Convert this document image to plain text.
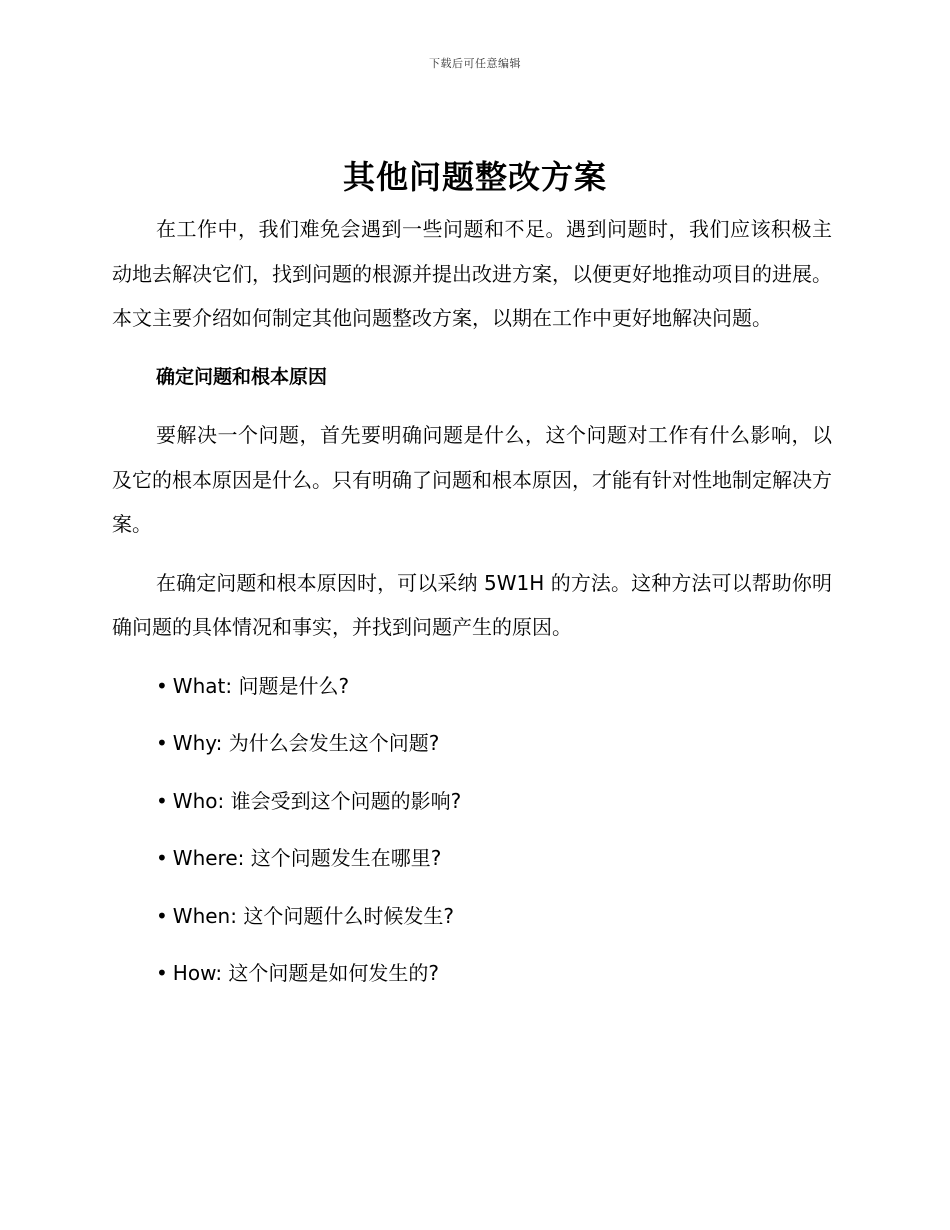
下载后可任意编辑
其他问题整改方案

在工作中，我们难免会遇到一些问题和不足。遇到问题时，我们应该积极主动地去解决它们，找到问题的根源并提出改进方案，以便更好地推动项目的进展。本文主要介绍如何制定其他问题整改方案，以期在工作中更好地解决问题。

确定问题和根本原因

要解决一个问题，首先要明确问题是什么，这个问题对工作有什么影响，以及它的根本原因是什么。只有明确了问题和根本原因，才能有针对性地制定解决方案。

在确定问题和根本原因时，可以采纳 5W1H 的方法。这种方法可以帮助你明确问题的具体情况和事实，并找到问题产生的原因。

• What: 问题是什么?
• Why: 为什么会发生这个问题?
• Who: 谁会受到这个问题的影响?
• Where: 这个问题发生在哪里?
• When: 这个问题什么时候发生?
• How: 这个问题是如何发生的?
